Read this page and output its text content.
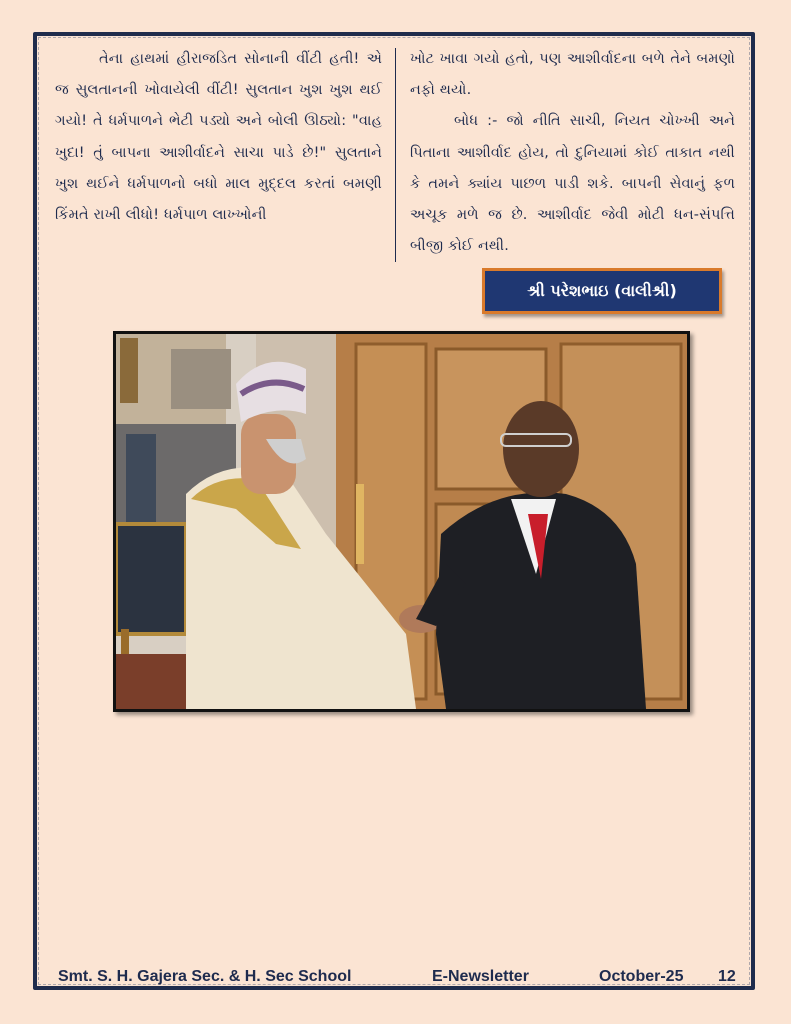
તેના હાથમાં હીરાજડિત સોનાની વીંટી હતી! એ જ સુલતાનની ખોવાયેલી વીંટી! સુલતાન ખુશ ખુશ થઈ ગયો! તે ધર્મપાળને ભેટી પડ્યો અને બોલી ઊઠ્યો: "વાહ ખુદા! તું બાપના આશીર્વાદને સાચા પાડે છે!" સુલતાને ખુશ થઈને ધર્મપાળનો બધો માલ મુદ્દલ કરતાં બમણી કિંમતે રાખી લીધો! ધર્મપાળ લાખ્ખોની

ખોટ ખાવા ગયો હતો, પણ આશીર્વાદના બળે તેને બમણો નફો થયો.

બોધ :- જો નીતિ સાચી, નિયત ચોખ્ખી અને પિતાના આશીર્વાદ હોય, તો દુનિયામાં કોઈ તાકાત નથી કે તમને ક્યાંય પાછળ પાડી શકે. બાપની સેવાનું ફળ અચૂક મળે જ છે. આશીર્વાદ જેવી મોટી ધન-સંપત્તિ બીજી કોઈ નથી.

શ્રી પરેશભાઇ (વાલીશ્રી)
Smt. S. H. Gajera Sec. & H. Sec School	E-Newsletter	October-25 12
